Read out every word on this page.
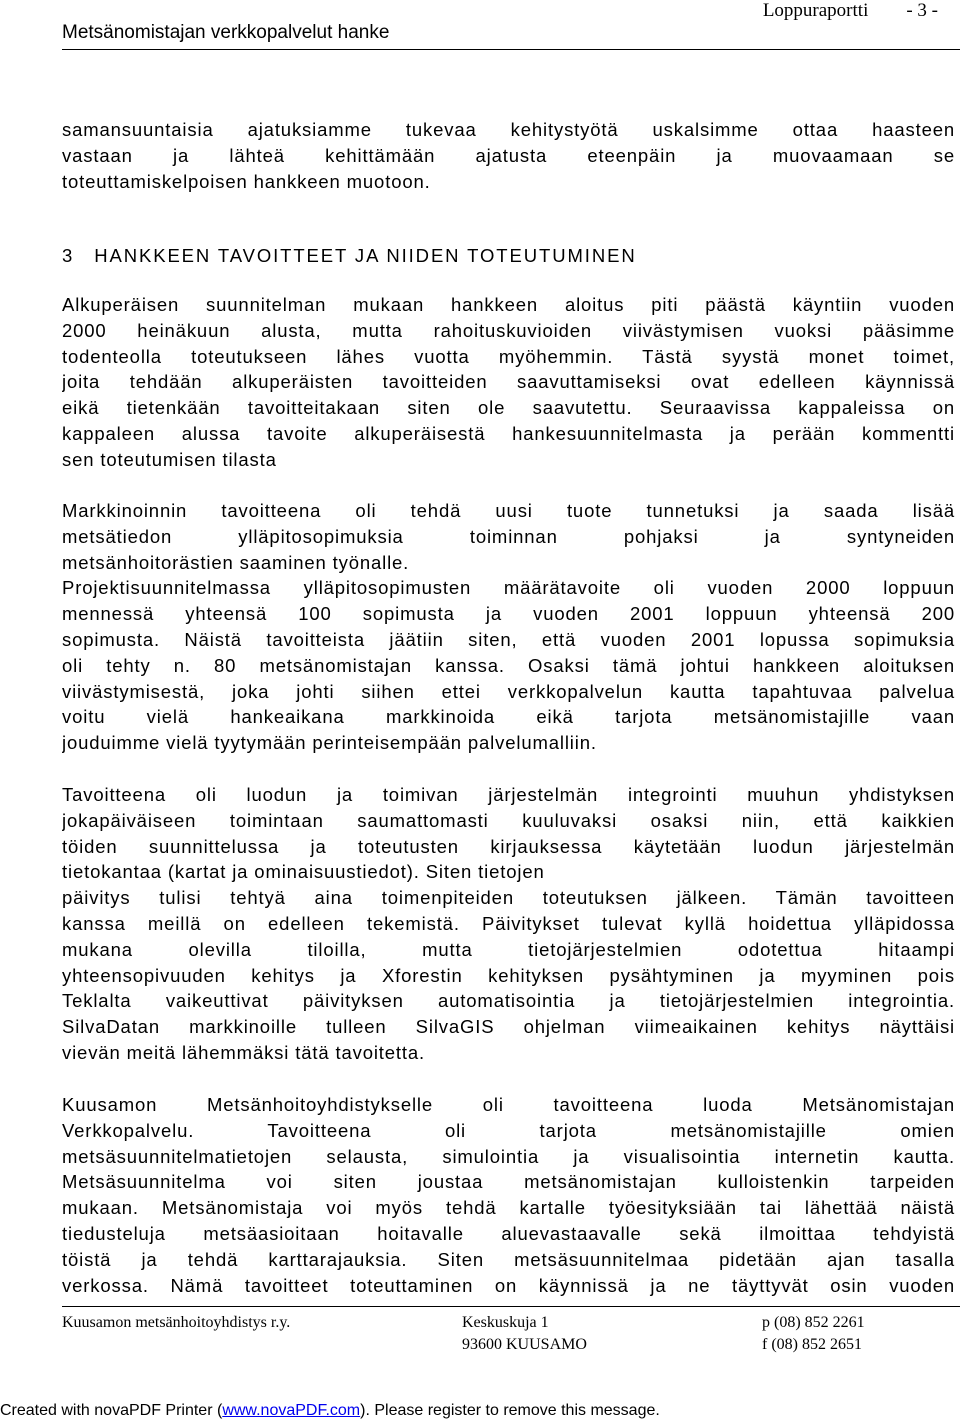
Loppuraportti - 3 -
Metsänomistajan verkkopalvelut hanke
samansuuntaisia ajatuksiamme tukevaa kehitystyötä uskalsimme ottaa haasteen
vastaan ja lähteä kehittämään ajatusta eteenpäin ja muovaamaan se
toteuttamiskelpoisen hankkeen muotoon.
3 HANKKEEN TAVOITTEET JA NIIDEN TOTEUTUMINEN
Alkuperäisen suunnitelman mukaan hankkeen aloitus piti päästä käyntiin vuoden
2000 heinäkuun alusta, mutta rahoituskuvioiden viivästymisen vuoksi pääsimme
todenteolla toteutukseen lähes vuotta myöhemmin. Tästä syystä monet toimet,
joita tehdään alkuperäisten tavoitteiden saavuttamiseksi ovat edelleen käynnissä
eikä tietenkään tavoitteitakaan siten ole saavutettu. Seuraavissa kappaleissa on
kappaleen alussa tavoite alkuperäisestä hankesuunnitelmasta ja perään kommentti
sen toteutumisen tilasta
Markkinoinnin tavoitteena oli tehdä uusi tuote tunnetuksi ja saada lisää
metsätiedon ylläpitosopimuksia toiminnan pohjaksi ja syntyneiden
metsänhoitorästien saaminen työnalle.
Projektisuunnitelmassa ylläpitosopimusten määrätavoite oli vuoden 2000 loppuun
mennessä yhteensä 100 sopimusta ja vuoden 2001 loppuun yhteensä 200
sopimusta. Näistä tavoitteista jäätiin siten, että vuoden 2001 lopussa sopimuksia
oli tehty n. 80 metsänomistajan kanssa. Osaksi tämä johtui hankkeen aloituksen
viivästymisestä, joka johti siihen ettei verkkopalvelun kautta tapahtuvaa palvelua
voitu vielä hankeaikana markkinoida eikä tarjota metsänomistajille vaan
jouduimme vielä tyytymään perinteisempään palvelumalliin.
Tavoitteena oli luodun ja toimivan järjestelmän integrointi muuhun yhdistyksen
jokapäiväiseen toimintaan saumattomasti kuuluvaksi osaksi niin, että kaikkien
töiden suunnittelussa ja toteutusten kirjauksessa käytetään luodun järjestelmän
tietokantaa (kartat ja ominaisuustiedot). Siten tietojen
päivitys tulisi tehtyä aina toimenpiteiden toteutuksen jälkeen. Tämän tavoitteen
kanssa meillä on edelleen tekemistä. Päivitykset tulevat kyllä hoidettua ylläpidossa
mukana olevilla tiloilla, mutta tietojärjestelmien odotettua hitaampi
yhteensopivuuden kehitys ja Xforestin kehityksen pysähtyminen ja myyminen pois
Teklalta vaikeuttivat päivityksen automatisointia ja tietojärjestelmien integrointia.
SilvaDatan markkinoille tulleen SilvaGIS ohjelman viimeaikainen kehitys näyttäisi
vievän meitä lähemmäksi tätä tavoitetta.
Kuusamon Metsänhoitoyhdistykselle oli tavoitteena luoda Metsänomistajan
Verkkopalvelu. Tavoitteena oli tarjota metsänomistajille omien
metsäsuunnitelmatietojen selausta, simulointia ja visualisointia internetin kautta.
Metsäsuunnitelma voi siten joustaa metsänomistajan kulloistenkin tarpeiden
mukaan. Metsänomistaja voi myös tehdä kartalle työesityksiään tai lähettää näistä
tiedusteluja metsäasioitaan hoitavalle aluevastaavalle sekä ilmoittaa tehdyistä
töistä ja tehdä karttarajauksia. Siten metsäsuunnitelmaa pidetään ajan tasalla
verkossa. Nämä tavoitteet toteuttaminen on käynnissä ja ne täyttyvät osin vuoden
Kuusamon metsänhoitoyhdistys r.y.	Keskuskuja 1
93600 KUUSAMO
p (08) 852 2261
f (08) 852 2651
Created with novaPDF Printer (www.novaPDF.com). Please register to remove this message.
